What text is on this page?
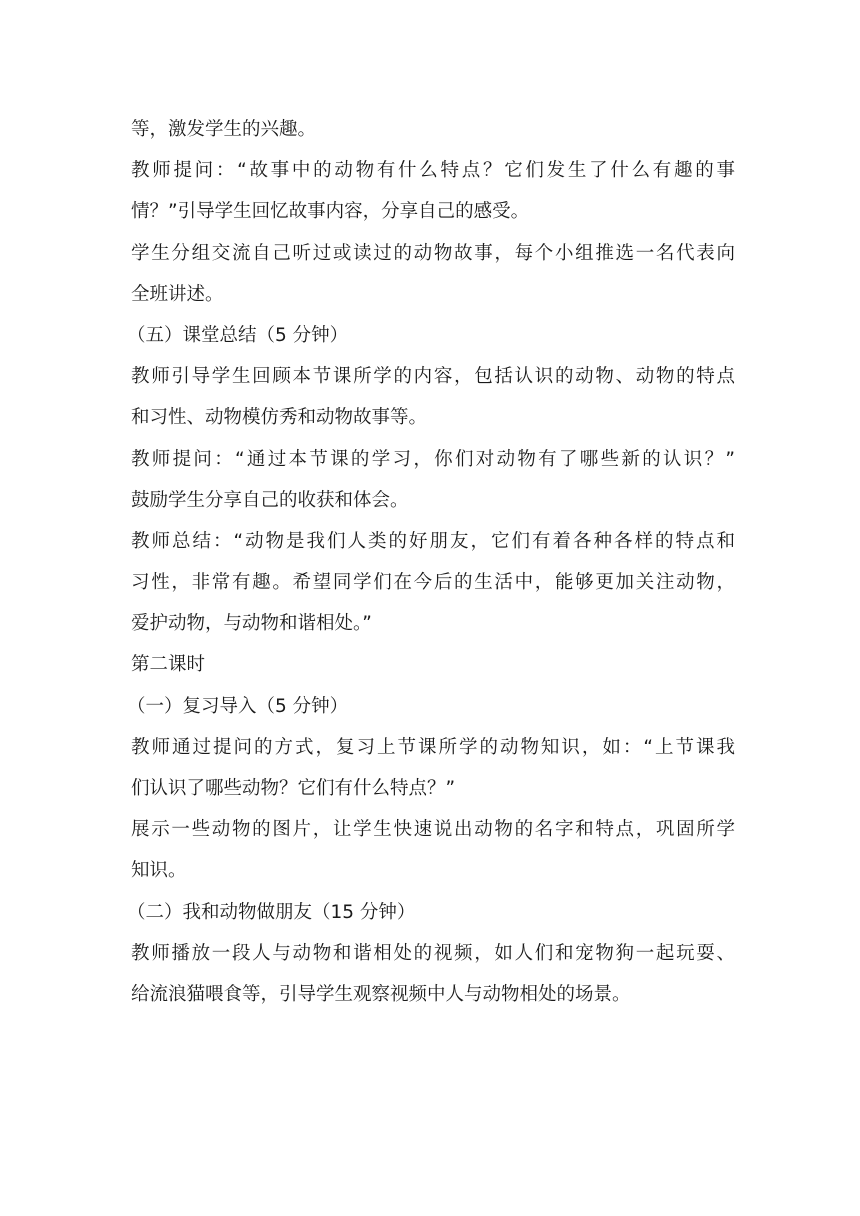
等，激发学生的兴趣。
教师提问：“故事中的动物有什么特点？它们发生了什么有趣的事
情？”引导学生回忆故事内容，分享自己的感受。
学生分组交流自己听过或读过的动物故事，每个小组推选一名代表向
全班讲述。
（五）课堂总结（5 分钟）
教师引导学生回顾本节课所学的内容，包括认识的动物、动物的特点
和习性、动物模仿秀和动物故事等。
教师提问：“通过本节课的学习，你们对动物有了哪些新的认识？”
鼓励学生分享自己的收获和体会。
教师总结：“动物是我们人类的好朋友，它们有着各种各样的特点和
习性，非常有趣。希望同学们在今后的生活中，能够更加关注动物，
爱护动物，与动物和谐相处。”
第二课时
（一）复习导入（5 分钟）
教师通过提问的方式，复习上节课所学的动物知识，如：“上节课我
们认识了哪些动物？它们有什么特点？”
展示一些动物的图片，让学生快速说出动物的名字和特点，巩固所学
知识。
（二）我和动物做朋友（15 分钟）
教师播放一段人与动物和谐相处的视频，如人们和宠物狗一起玩耍、
给流浪猫喂食等，引导学生观察视频中人与动物相处的场景。
